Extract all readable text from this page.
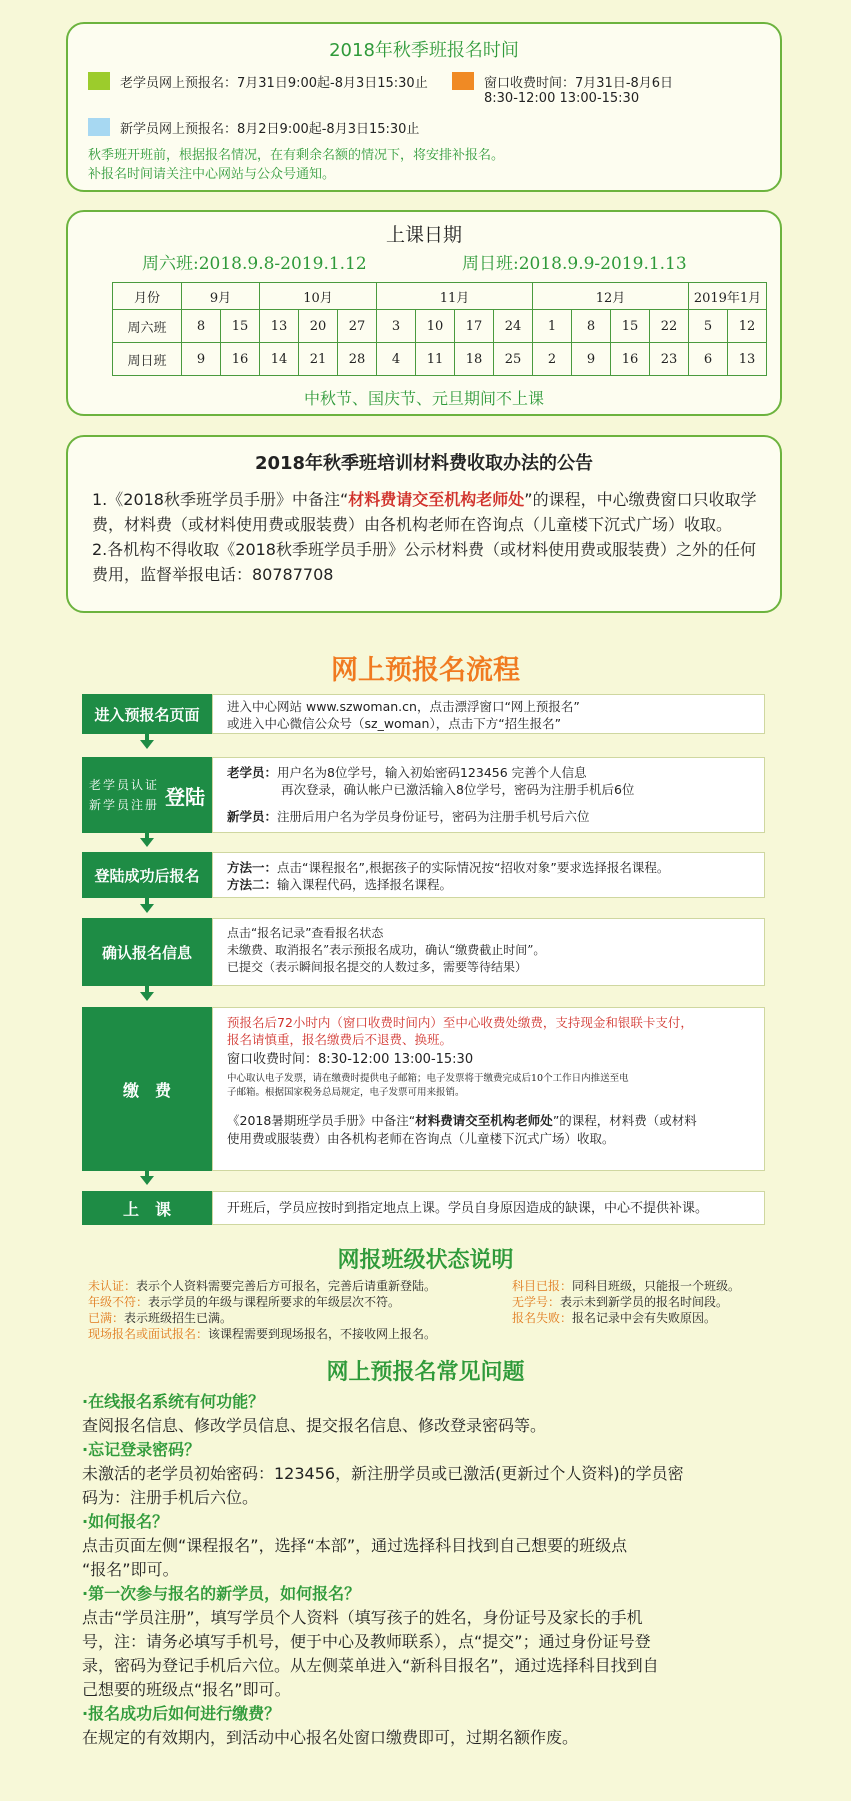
2018年秋季班报名时间
老学员网上预报名：7月31日9:00起-8月3日15:30止	窗口收费时间：7月31日-8月6日
8:30-12:00 13:00-15:30
新学员网上预报名：8月2日9:00起-8月3日15:30止
秋季班开班前，根据报名情况，在有剩余名额的情况下，将安排补报名。
补报名时间请关注中心网站与公众号通知。
上课日期
周六班:2018.9.8-2019.1.12	周日班:2018.9.9-2019.1.13
月份	9月		10月			11月				12月				2019年1月	
周六班	8	15	13	20	27	3	10	17	24	1	8	15	22	5	12
周日班	9	16	14	21	28	4	11	18	25	2	9	16	23	6	13
中秋节、国庆节、元旦期间不上课
2018年秋季班培训材料费收取办法的公告
1.《2018秋季班学员手册》中备注“材料费请交至机构老师处”的课程，中心缴费窗口只收取学费，材料费（或材料使用费或服装费）由各机构老师在咨询点（儿童楼下沉式广场）收取。
2.各机构不得收取《2018秋季班学员手册》公示材料费（或材料使用费或服装费）之外的任何费用，监督举报电话：80787708
网上预报名流程
进入预报名页面	进入中心网站 www.szwoman.cn，点击漂浮窗口“网上预报名”
或进入中心微信公众号（sz_woman），点击下方“招生报名”
老学员认证
新学员注册 登陆
老学员：用户名为8位学号，输入初始密码123456 完善个人信息
再次登录，确认帐户已激活输入8位学号，密码为注册手机后6位
新学员：注册后用户名为学员身份证号，密码为注册手机号后六位
登陆成功后报名	方法一：点击“课程报名”,根据孩子的实际情况按“招收对象”要求选择报名课程。
方法二：输入课程代码，选择报名课程。
确认报名信息
点击“报名记录”查看报名状态
未缴费、取消报名”表示预报名成功，确认“缴费截止时间”。
已提交（表示瞬间报名提交的人数过多，需要等待结果）
缴　费
预报名后72小时内（窗口收费时间内）至中心收费处缴费，支持现金和银联卡支付，
报名请慎重，报名缴费后不退费、换班。
窗口收费时间：8:30-12:00 13:00-15:30
中心取认电子发票，请在缴费时提供电子邮箱；电子发票将于缴费完成后10个工作日内推送至电
子邮箱。根据国家税务总局规定，电子发票可用来报销。
《2018暑期班学员手册》中备注“材料费请交至机构老师处”的课程，材料费（或材料
使用费或服装费）由各机构老师在咨询点（儿童楼下沉式广场）收取。
上　课	开班后，学员应按时到指定地点上课。学员自身原因造成的缺课，中心不提供补课。
网报班级状态说明
未认证：表示个人资料需要完善后方可报名，完善后请重新登陆。
年级不符：表示学员的年级与课程所要求的年级层次不符。
已满：表示班级招生已满。
现场报名或面试报名：该课程需要到现场报名，不接收网上报名。
科目已报：同科目班级，只能报一个班级。
无学号：表示未到新学员的报名时间段。
报名失败：报名记录中会有失败原因。
网上预报名常见问题
·在线报名系统有何功能？
查阅报名信息、修改学员信息、提交报名信息、修改登录密码等。
·忘记登录密码？
未激活的老学员初始密码：123456，新注册学员或已激活(更新过个人资料)的学员密
码为：注册手机后六位。
·如何报名？
点击页面左侧“课程报名”，选择“本部”，通过选择科目找到自己想要的班级点
“报名”即可。
·第一次参与报名的新学员，如何报名？
点击“学员注册”，填写学员个人资料（填写孩子的姓名，身份证号及家长的手机
号，注：请务必填写手机号，便于中心及教师联系），点“提交”；通过身份证号登
录，密码为登记手机后六位。从左侧菜单进入“新科目报名”，通过选择科目找到自
己想要的班级点“报名”即可。
·报名成功后如何进行缴费？
在规定的有效期内，到活动中心报名处窗口缴费即可，过期名额作废。
